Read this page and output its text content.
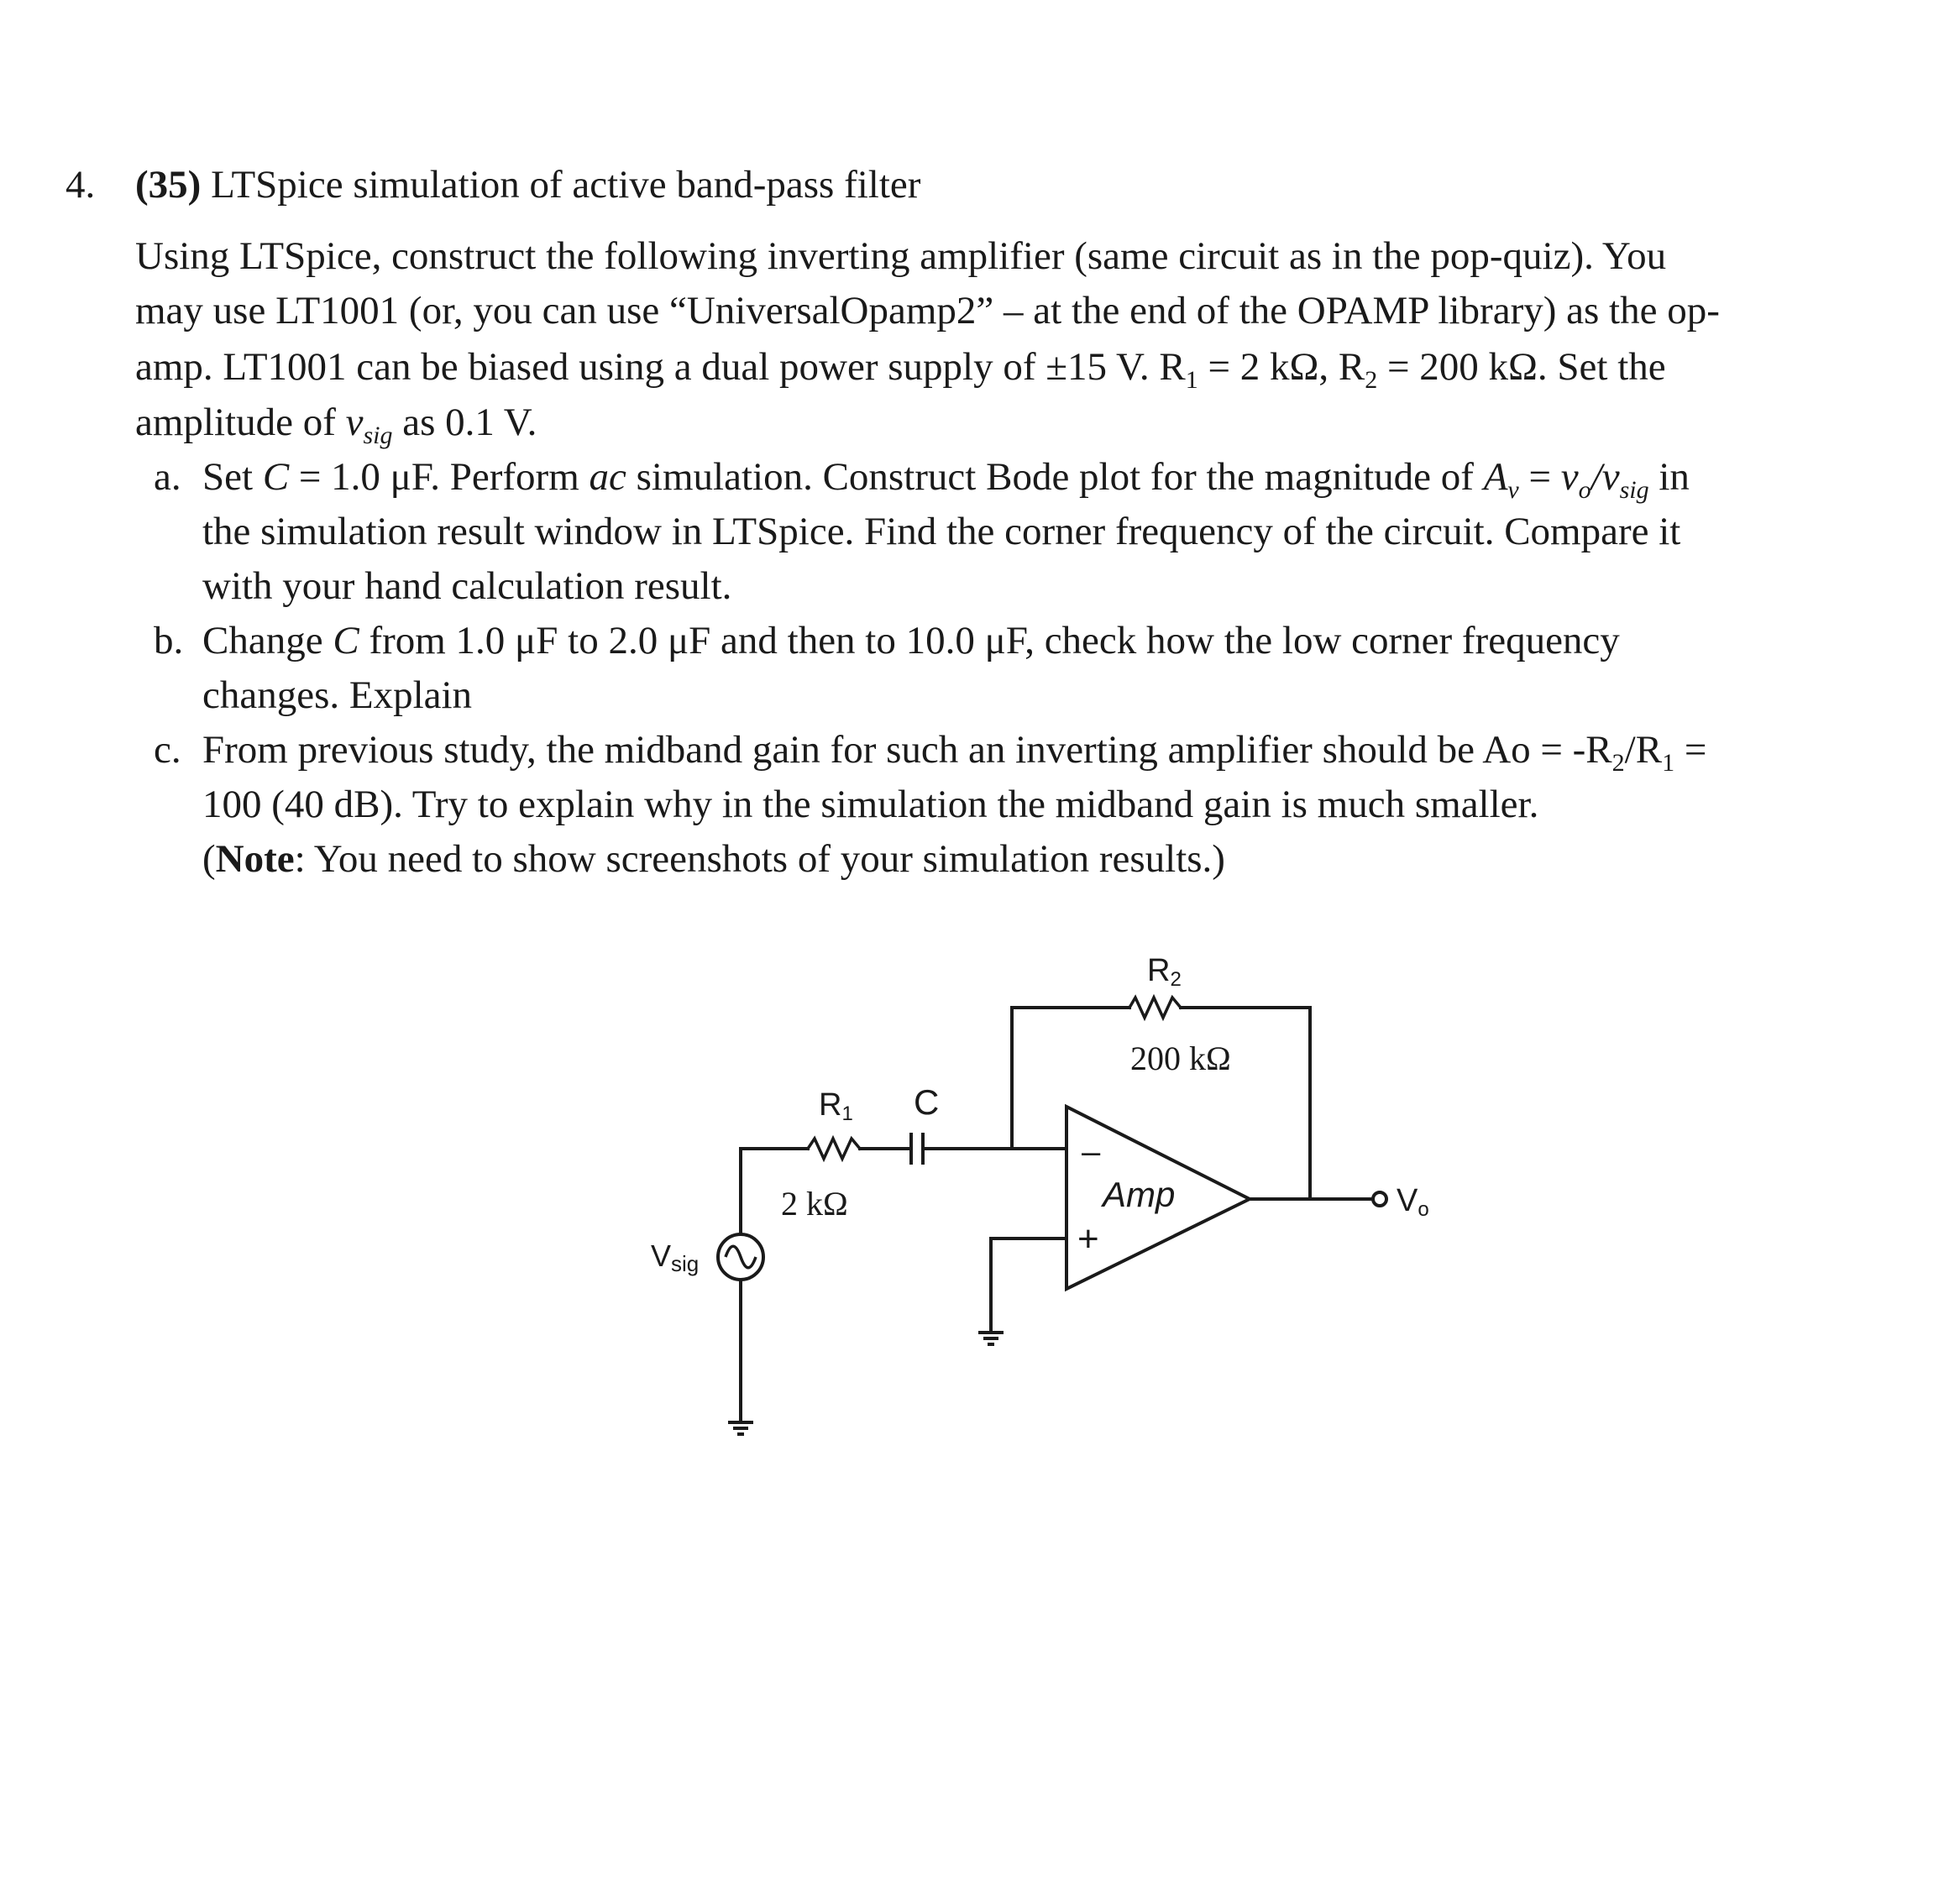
4. (35) LTSpice simulation of active band-pass filter
Using LTSpice, construct the following inverting amplifier (same circuit as in the pop-quiz). You
may use LT1001 (or, you can use “UniversalOpamp2” – at the end of the OPAMP library) as the op-
amp. LT1001 can be biased using a dual power supply of ±15 V. $R_1 = 2$ kΩ, $R_2 = 200$ kΩ. Set the
amplitude of $v_{sig}$ as 0.1 V.
a. Set C = 1.0 μF. Perform ac simulation. Construct Bode plot for the magnitude of $A_v = v_o/v_{sig}$ in
the simulation result window in LTSpice. Find the corner frequency of the circuit. Compare it
with your hand calculation result.
b. Change C from 1.0 μF to 2.0 μF and then to 10.0 μF, check how the low corner frequency
changes. Explain
c. From previous study, the midband gain for such an inverting amplifier should be $Ao = -R_2/R_1$ =
100 (40 dB). Try to explain why in the simulation the midband gain is much smaller.
(Note: You need to show screenshots of your simulation results.)
R2
200 kΩ
R1 C
2 kΩ	Amp
–
+
Vo
Vsig
